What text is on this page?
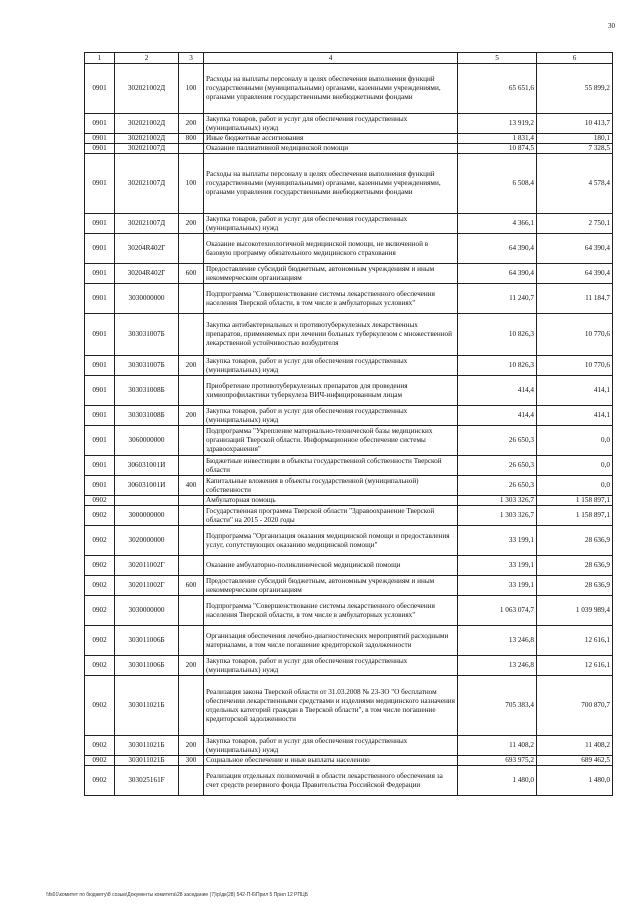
30
1	2	3	4	5	6
0901	302021002Д	100	Расходы на выплаты персоналу в целях обеспечения выполнения функций государственными (муниципальными) органами, казенными учреждениями, органами управления государственными внебюджетными фондами	65 651,6	55 899,2
0901	302021002Д	200	Закупка товаров, работ и услуг для обеспечения государственных (муниципальных) нужд	13 919,2	10 413,7
0901	302021002Д	800	Иные бюджетные ассигнования	1 831,4	180,1
0901	302021007Д		Оказание паллиативной медицинской помощи	10 874,5	7 328,5
0901	302021007Д	100	Расходы на выплаты персоналу в целях обеспечения выполнения функций государственными (муниципальными) органами, казенными учреждениями, органами управления государственными внебюджетными фондами	6 508,4	4 578,4
0901	302021007Д	200	Закупка товаров, работ и услуг для обеспечения государственных (муниципальных) нужд	4 366,1	2 750,1
0901	30204R402Г		Оказание высокотехнологичной медицинской помощи, не включенной в базовую программу обязательного медицинского страхования	64 390,4	64 390,4
0901	30204R402Г	600	Предоставление субсидий бюджетным, автономным учреждениям и иным некоммерческим организациям	64 390,4	64 390,4
0901	3030000000		Подпрограмма "Совершенствование системы лекарственного обеспечения населения Тверской области, в том числе в амбулаторных условиях"	11 240,7	11 184,7
0901	303031007Б		Закупка антибактериальных и противотуберкулезных лекарственных препаратов, применяемых при лечении больных туберкулезом с множественной лекарственной устойчивостью возбудителя	10 826,3	10 770,6
0901	303031007Б	200	Закупка товаров, работ и услуг для обеспечения государственных (муниципальных) нужд	10 826,3	10 770,6
0901	303031008Б		Приобретение противотуберкулезных препаратов для проведения химиопрофилактики туберкулеза ВИЧ-инфицированным лицам	414,4	414,1
0901	303031008Б	200	Закупка товаров, работ и услуг для обеспечения государственных (муниципальных) нужд	414,4	414,1
0901	3060000000		Подпрограмма "Укрепление материально-технической базы медицинских организаций Тверской области. Информационное обеспечение системы здравоохранения"	26 650,3	0,0
0901	306031001И		Бюджетные инвестиции в объекты государственной собственности Тверской области	26 650,3	0,0
0901	306031001И	400	Капитальные вложения в объекты государственной (муниципальной) собственности	26 650,3	0,0
0902			Амбулаторная помощь	1 303 326,7	1 158 897,1
0902	3000000000		Государственная программа Тверской области "Здравоохранение Тверской области" на 2015 - 2020 годы	1 303 326,7	1 158 897,1
0902	3020000000		Подпрограмма "Организация оказания медицинской помощи и предоставления услуг, сопутствующих оказанию медицинской помощи"	33 199,1	28 636,9
0902	302011002Г		Оказание амбулаторно-поликлинической медицинской помощи	33 199,1	28 636,9
0902	302011002Г	600	Предоставление субсидий бюджетным, автономным учреждениям и иным некоммерческим организациям	33 199,1	28 636,9
0902	3030000000		Подпрограмма "Совершенствование системы лекарственного обеспечения населения Тверской области, в том числе в амбулаторных условиях"	1 063 074,7	1 039 989,4
0902	303011006Б		Организация обеспечения лечебно-диагностических мероприятий расходными материалами, в том числе погашение кредиторской задолженности	13 246,8	12 616,1
0902	303011006Б	200	Закупка товаров, работ и услуг для обеспечения государственных (муниципальных) нужд	13 246,8	12 616,1
0902	303011021Б		Реализация закона Тверской области от 31.03.2008 № 23-ЗО "О бесплатном обеспечении лекарственными средствами и изделиями медицинского назначения отдельных категорий граждан в Тверской области", в том числе погашение кредиторской задолженности	705 383,4	700 870,7
0902	303011021Б	200	Закупка товаров, работ и услуг для обеспечения государственных (муниципальных) нужд	11 408,2	11 408,2
0902	303011021Б	300	Социальное обеспечение и иные выплаты населению	693 975,2	689 462,5
0902	303025161F		Реализация отдельных полномочий в области лекарственного обеспечения за счет средств резервного фонда Правительства Российской Федерации	1 480,0	1 480,0
\\fs01\комитет по бюджету\8 созыв\Документы комитета\28 заседание (7)\р\дк(28) 542-П-6\Прил 5 Прил 12 РПЦБ
